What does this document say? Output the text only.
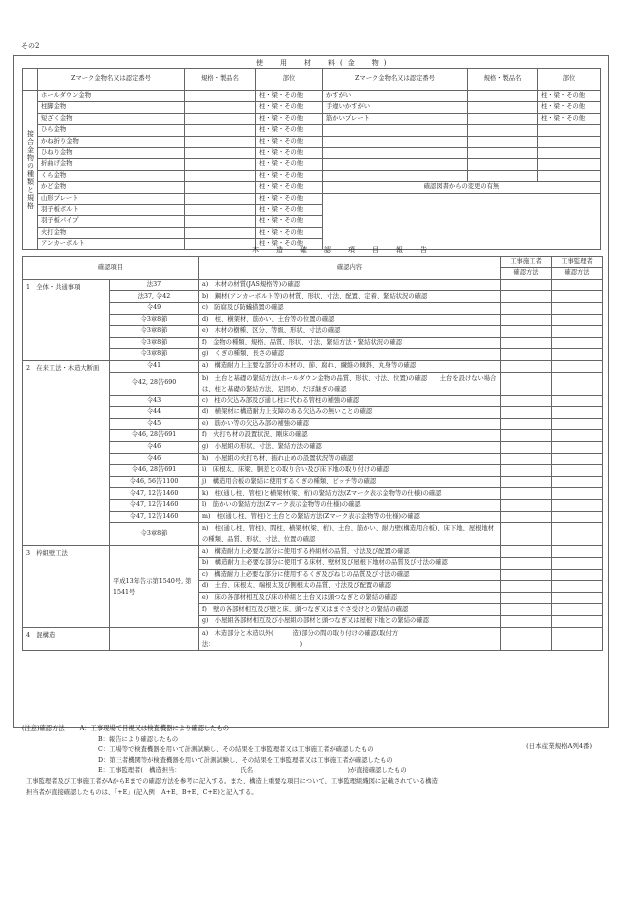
その2
使　用　材　料(金　物)
	Zマーク金物名又は認定番号	規格・製品名	部位	Zマーク金物名又は認定番号	規格・製品名	部位
接合金物の種類と規格	ホールダウン金物		柱・梁・その他	かすがい		柱・梁・その他
	柱脚金物		柱・梁・その他	手違いかすがい		柱・梁・その他
	短ざく金物		柱・梁・その他	筋かいプレート		柱・梁・その他
	ひら金物		柱・梁・その他			
	かね折り金物		柱・梁・その他			
	ひねり金物		柱・梁・その他			
	折曲げ金物		柱・梁・その他			
	くら金物		柱・梁・その他			
	かど金物		柱・梁・その他	確認図書からの変更の有無		
	山形プレート		柱・梁・その他			
	羽子板ボルト		柱・梁・その他			
	羽子板パイプ		柱・梁・その他			
	火打金物		柱・梁・その他			
	アンカーボルト		柱・梁・その他			
木　造　確　認　項　目　報　告
確認項目		確認内容	工事施工者	工事監理者
			確認方法	確認方法
1　全体・共通事項	法37	a)　木材の材質(JAS規格等)の確認		
	法37, 令42	b)　鋼材(アンカーボルト等)の材質、形状、寸法、配置、定着、緊結状況の確認		
	令49	c)　防腐及び防蟻措置の確認		
	令3章8節	d)　柱、横架材、筋かい、土台等の位置の確認		
	令3章8節	e)　木材の樹種、区分、等級、形状、寸法の確認		
	令3章8節	f)　金物の種類、規格、品質、形状、寸法、緊結方法・緊結状況の確認		
	令3章8節	g)　くぎの種類、長さの確認		
2　在来工法・木造大断面	令41	a)　構造耐力上主要な部分の木材の、節、腐れ、繊維の傾斜、丸身等の確認		
	令42, 28告690	b)　土台と基礎の緊結方法(ホールダウン金物の品質、形状、寸法、位置)の確認　　土台を設けない場合は、柱と基礎の緊結方法、足固め、だぼ継ぎの確認		
	令43	c)　柱の欠込み部及び通し柱に代わる管柱の補強の確認		
	令44	d)　横架材に構造耐力上支障のある欠込みの無いことの確認		
	令45	e)　筋かい等の欠込み部の補強の確認		
	令46, 28告691	f)　火打ち材の設置状況、剛床の確認		
	令46	g)　小屋組の形状、寸法、緊結方法の確認		
	令46	h)　小屋組の火打ち材、振れ止めの設置状況等の確認		
	令46, 28告691	i)　床根太、床梁、胴差との取り合い及び床下地の取り付けの確認		
	令46, 56告1100	j)　構造用合板の緊結に使用するくぎの種類、ピッチ等の確認		
	令47, 12告1460	k)　柱(通し柱、管柱)と横架材(梁、桁)の緊結方法(Zマーク表示金物等の仕様)の確認		
	令47, 12告1460	l)　筋かいの緊結方法(Zマーク表示金物等の仕様)の確認		
	令47, 12告1460	m)　柱(通し柱、管柱)と土台との緊結方法(Zマーク表示金物等の仕様)の確認		
	令3章8節	n)　柱(通し柱、管柱)、間柱、横架材(梁、桁)、土台、筋かい、耐力壁(構造用合板)、床下地、屋根地材の種類、品質、形状、寸法、位置の確認		
3　枠組壁工法	平成13年告示第1540号, 第1541号	a)　構造耐力上必要な部分に使用する枠組材の品質、寸法及び配置の確認		
		b)　構造耐力上必要な部分に使用する床材、壁材及び屋根下地材の品質及び寸法の確認		
		c)　構造耐力上必要な部分に使用するくぎ及びねじの品質及び寸法の確認		
		d)　土台、床根太、端根太及び側根太の品質、寸法及び配置の確認		
		e)　床の各部材相互及び床の枠組と土台又は頭つなぎとの緊結の確認		
		f)　壁の各部材相互及び壁と床、頭つなぎ又はまぐさ受けとの緊結の確認		
		g)　小屋組各部材相互及び小屋組の部材と頭つなぎ又は屋根下地との緊結の確認		
4　混構造		a)　木造部分と木造以外(　　　造)部分の間の取り付けの確認(取付方法：　　　　　　　　　　　　　　)		
(注意)確認方法 A：工事現場で目視又は検査機器により確認したもの
B：報告により確認したもの
C：工場等で検査機器を用いて計測試験し、その結果を工事監理者又は工事施工者が確認したもの
D：第三者機関等が検査機器を用いて計測試験し、その結果を工事監理者又は工事施工者が確認したもの
E：工事監理者(　構造担当：　　　　　　　　　　氏名　　　　　　　　　　　　　　　)が直接確認したもの
工事監理者及び工事施工者がAからEまでの確認方法を参考に記入する。また、構造上重要な項目について、工事監理組織図に記載されている構造
担当者が直接確認したものは、「+E」(記入例　A+E、B+E、C+E)と記入する。
(日本産業規格A列4番)
